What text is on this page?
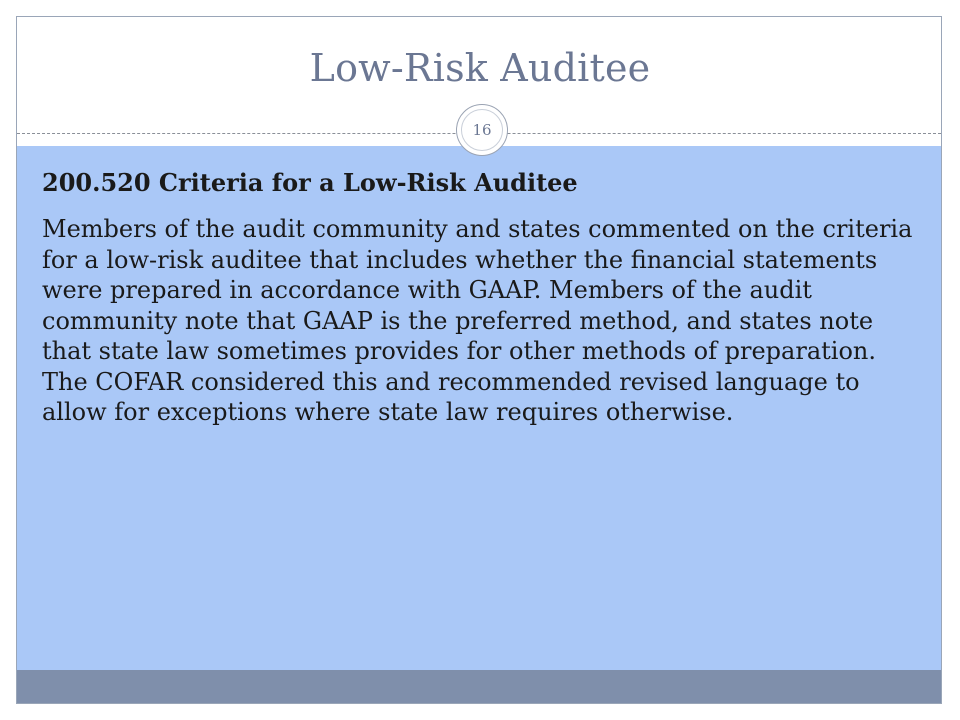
Low-Risk Auditee
16
200.520 Criteria for a Low-Risk Auditee
Members of the audit community and states commented on the criteria for a low-risk auditee that includes whether the financial statements were prepared in accordance with GAAP. Members of the audit community note that GAAP is the preferred method, and states note that state law sometimes provides for other methods of preparation. The COFAR considered this and recommended revised language to allow for exceptions where state law requires otherwise.
